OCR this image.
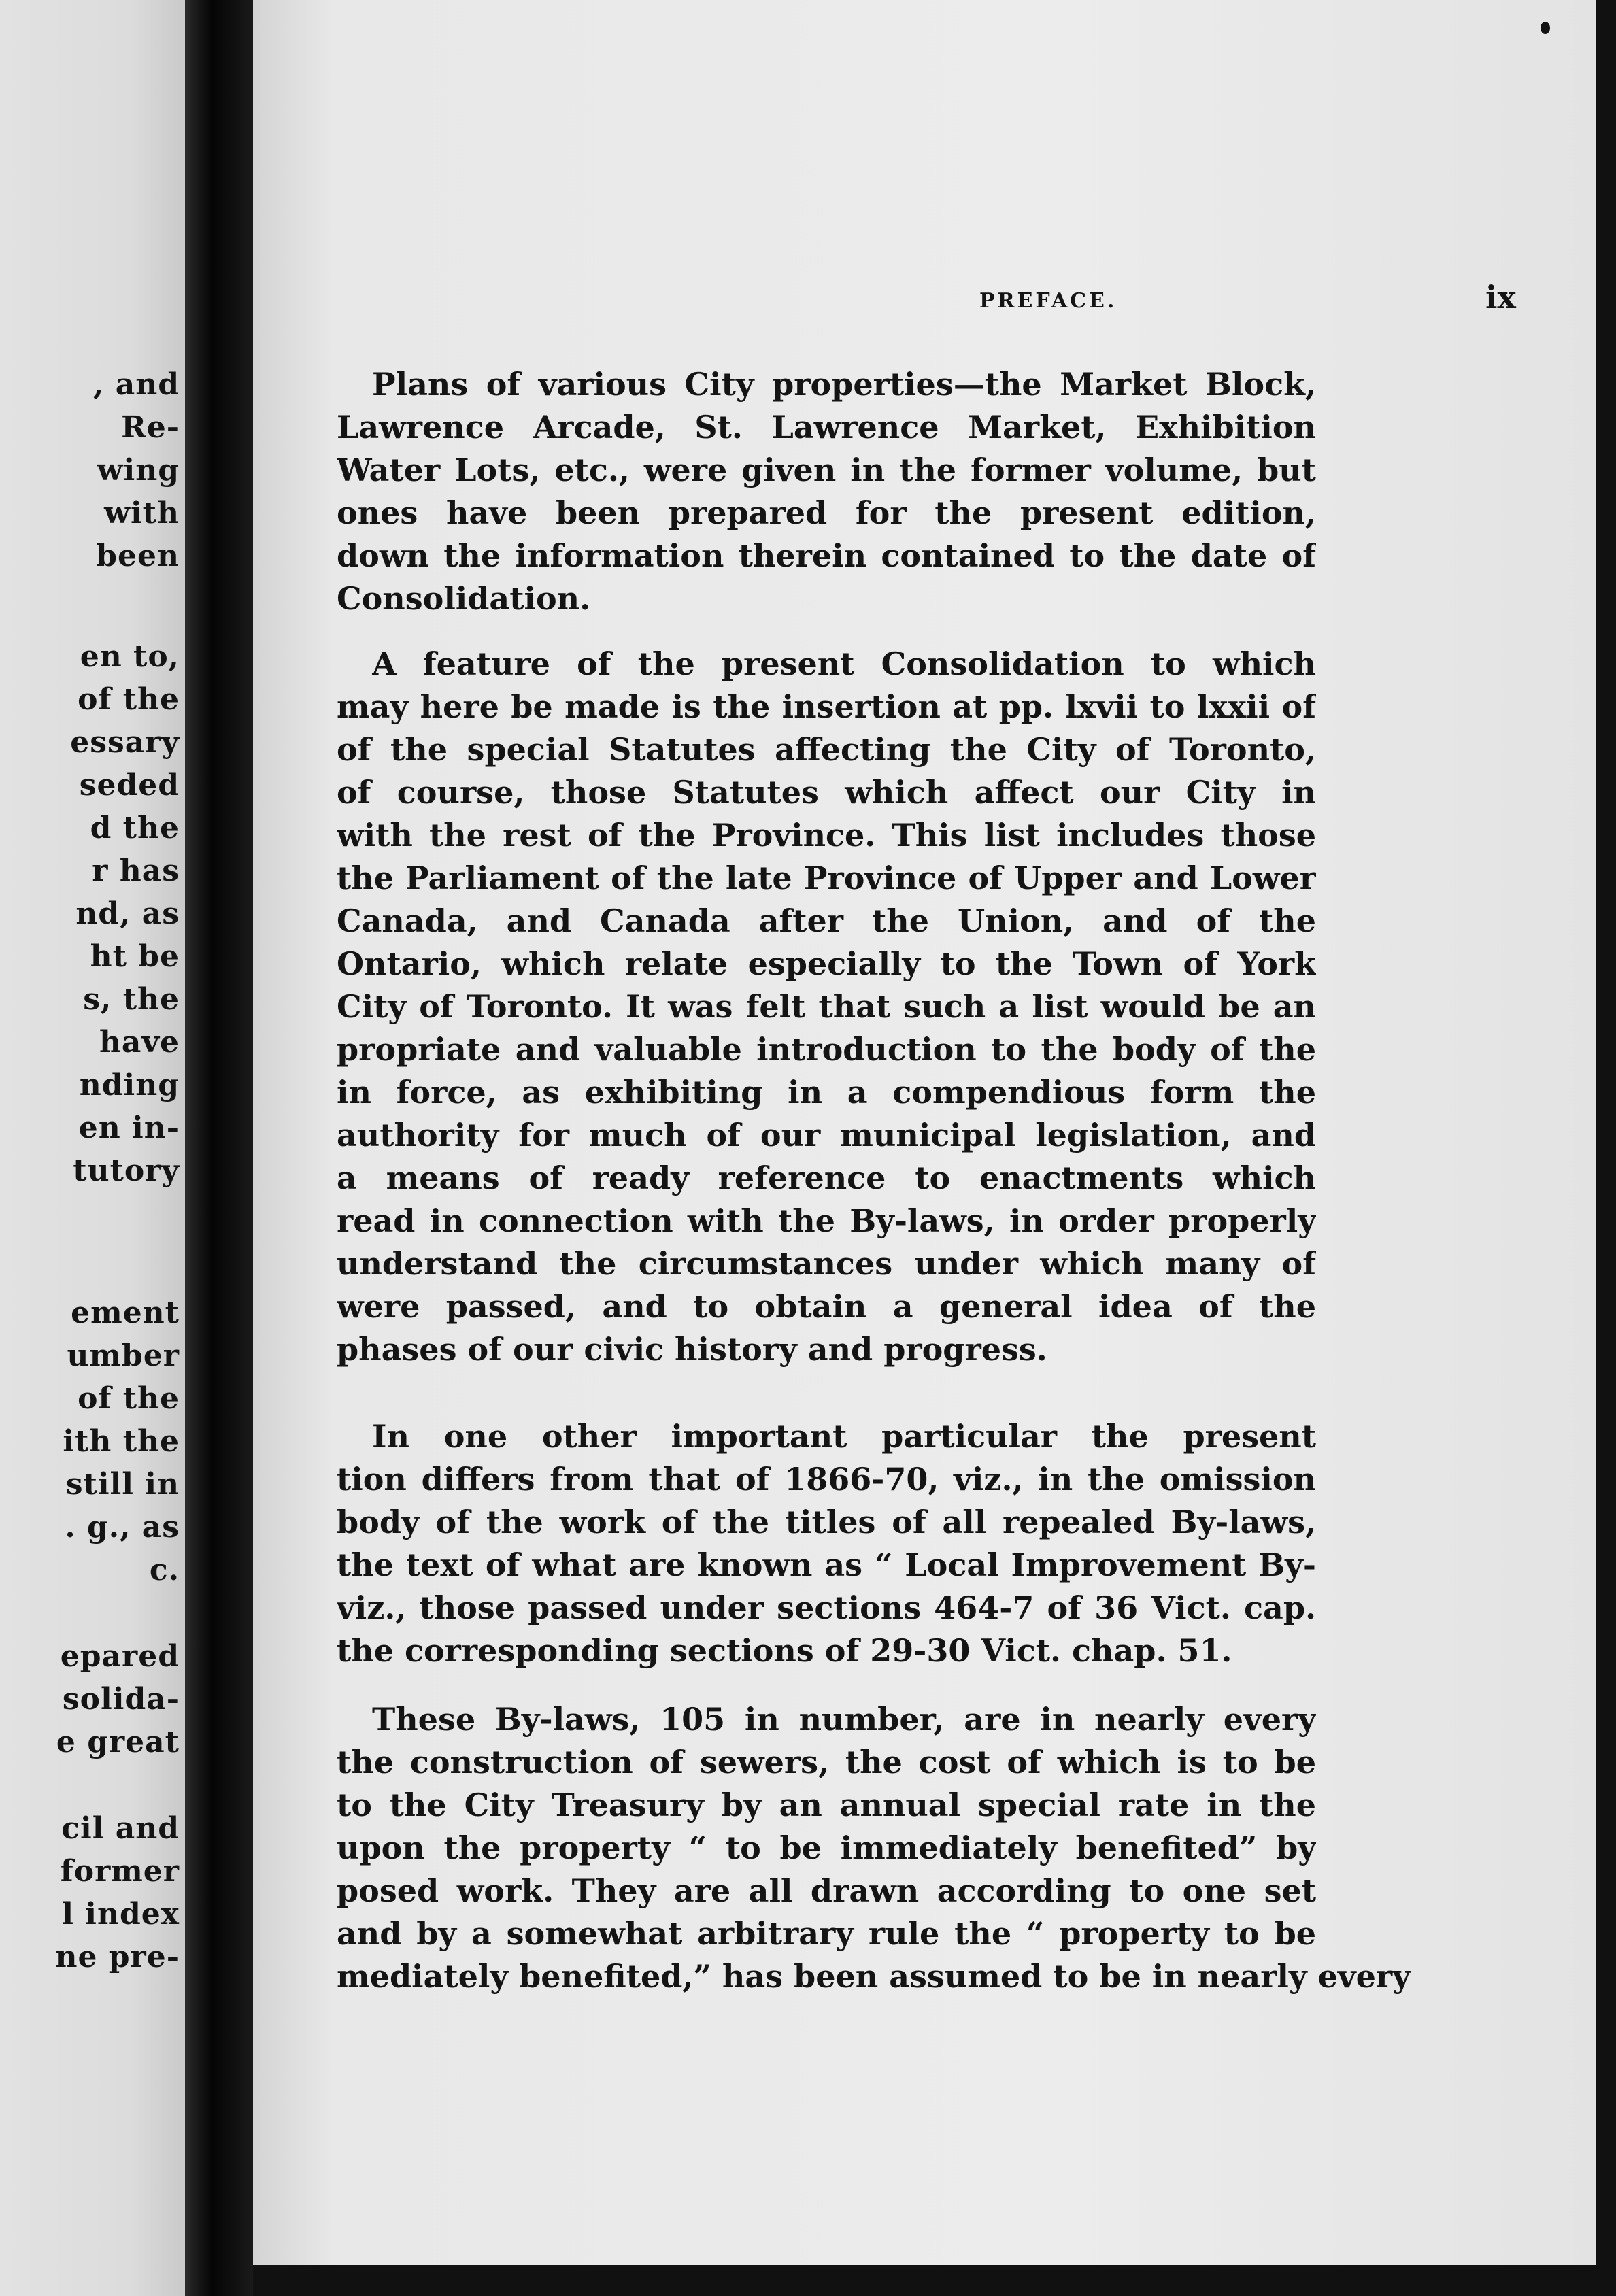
, and
Re-
wing
with
been
en to,
of the
essary
seded
d the
r has
nd, as
ht be
s, the
have
nding
en in-
tutory
ement
umber
of the
ith the
still in
. g., as
c.
epared
solida-
e great
cil and
former
l index
ne pre-
PREFACE.	ix
Plans of various City properties—the Market Block,
Lawrence Arcade, St. Lawrence Market, Exhibition
Water Lots, etc., were given in the former volume, but
ones have been prepared for the present edition,
down the information therein contained to the date of
Consolidation.
A feature of the present Consolidation to which
may here be made is the insertion at pp. lxvii to lxxii of
of the special Statutes affecting the City of Toronto,
of course, those Statutes which affect our City in
with the rest of the Province. This list includes those
the Parliament of the late Province of Upper and Lower
Canada, and Canada after the Union, and of the
Ontario, which relate especially to the Town of York
City of Toronto. It was felt that such a list would be an
propriate and valuable introduction to the body of the
in force, as exhibiting in a compendious form the
authority for much of our municipal legislation, and
a means of ready reference to enactments which
read in connection with the By-laws, in order properly
understand the circumstances under which many of
were passed, and to obtain a general idea of the
phases of our civic history and progress.
In one other important particular the present
tion differs from that of 1866-70, viz., in the omission
body of the work of the titles of all repealed By-laws,
the text of what are known as “ Local Improvement By-
viz., those passed under sections 464-7 of 36 Vict. cap.
the corresponding sections of 29-30 Vict. chap. 51.
These By-laws, 105 in number, are in nearly every
the construction of sewers, the cost of which is to be
to the City Treasury by an annual special rate in the
upon the property “ to be immediately benefited” by
posed work. They are all drawn according to one set
and by a somewhat arbitrary rule the “ property to be
mediately benefited,” has been assumed to be in nearly every
